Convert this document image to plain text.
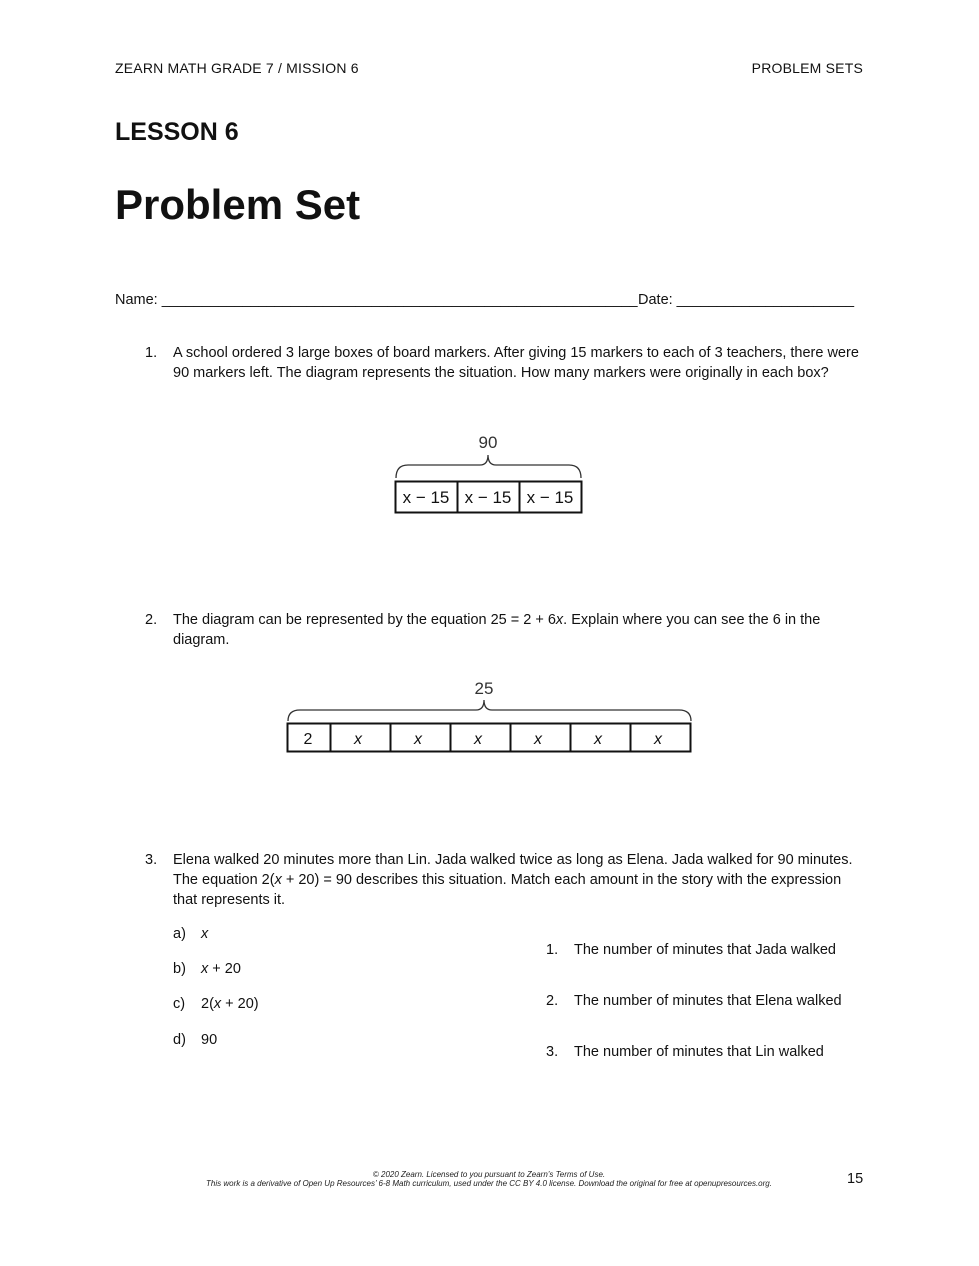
ZEARN MATH GRADE 7 / MISSION 6	PROBLEM SETS
LESSON 6
Problem Set
Name: ___________________________________________________________ Date: ______________________
1. A school ordered 3 large boxes of board markers. After giving 15 markers to each of 3 teachers, there were 90 markers left. The diagram represents the situation. How many markers were originally in each box?
90
x − 15 x − 15 x − 15
2. The diagram can be represented by the equation 25 = 2 + 6x. Explain where you can see the 6 in the diagram.
25
2	x	x	x	x	x	x
3. Elena walked 20 minutes more than Lin. Jada walked twice as long as Elena. Jada walked for 90 minutes. The equation 2(x + 20) = 90 describes this situation. Match each amount in the story with the expression that represents it.
a) x
b) x + 20
c) 2(x + 20)
d) 90
1. The number of minutes that Jada walked
2. The number of minutes that Elena walked
3. The number of minutes that Lin walked
© 2020 Zearn. Licensed to you pursuant to Zearn’s Terms of Use.
This work is a derivative of Open Up Resources’ 6-8 Math curriculum, used under the CC BY 4.0 license. Download the original for free at openupresources.org.	15
